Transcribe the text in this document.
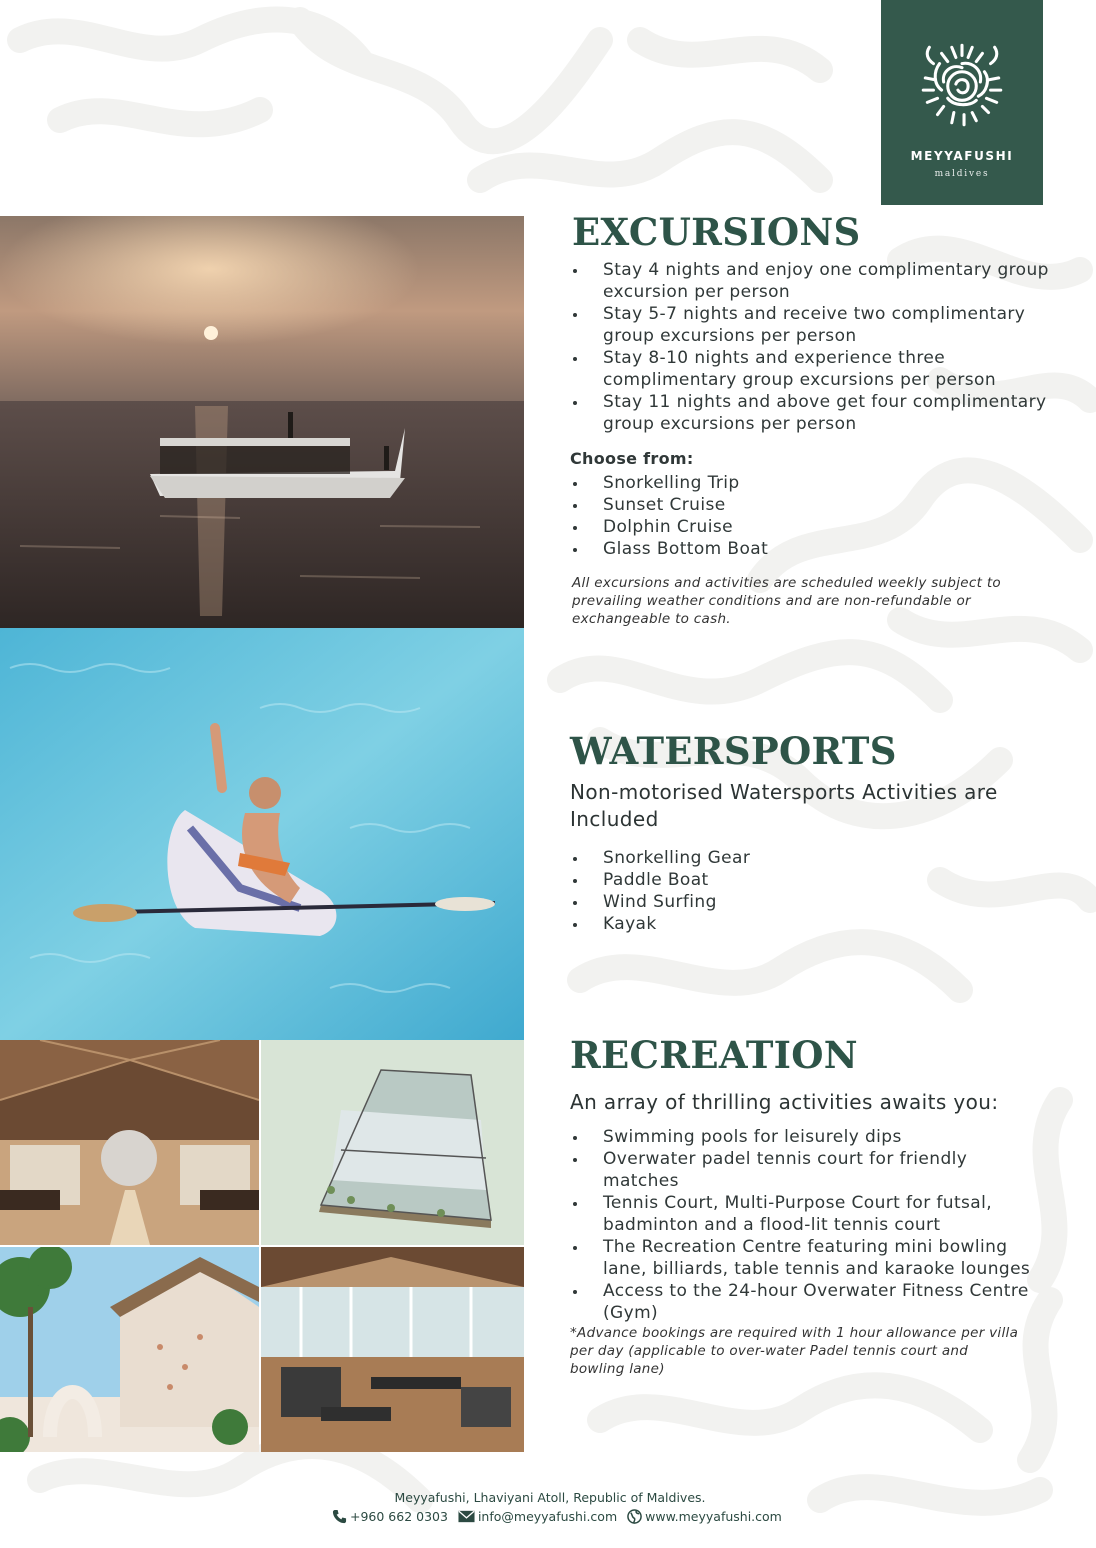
MEYYAFUSHI
maldives
EXCURSIONS
Stay 4 nights and enjoy one complimentary group excursion per person
Stay 5-7 nights and receive two complimentary group excursions per person
Stay 8-10 nights and experience three complimentary group excursions per person
Stay 11 nights and above get four complimentary group excursions per person
Choose from:
Snorkelling Trip
Sunset Cruise
Dolphin Cruise
Glass Bottom Boat
All excursions and activities are scheduled weekly subject to prevailing weather conditions and are non-refundable or exchangeable to cash.
WATERSPORTS
Non-motorised Watersports Activities are Included
Snorkelling Gear
Paddle Boat
Wind Surfing
Kayak
RECREATION
An array of thrilling activities awaits you:
Swimming pools for leisurely dips
Overwater padel tennis court for friendly matches
Tennis Court, Multi-Purpose Court for futsal, badminton and a flood-lit tennis court
The Recreation Centre featuring mini bowling lane, billiards, table tennis and karaoke lounges
Access to the 24-hour Overwater Fitness Centre (Gym)
*Advance bookings are required with 1 hour allowance per villa per day (applicable to over-water Padel tennis court and bowling lane)
Meyyafushi, Lhaviyani Atoll, Republic of Maldives.
+960 662 0303 info@meyyafushi.com www.meyyafushi.com
